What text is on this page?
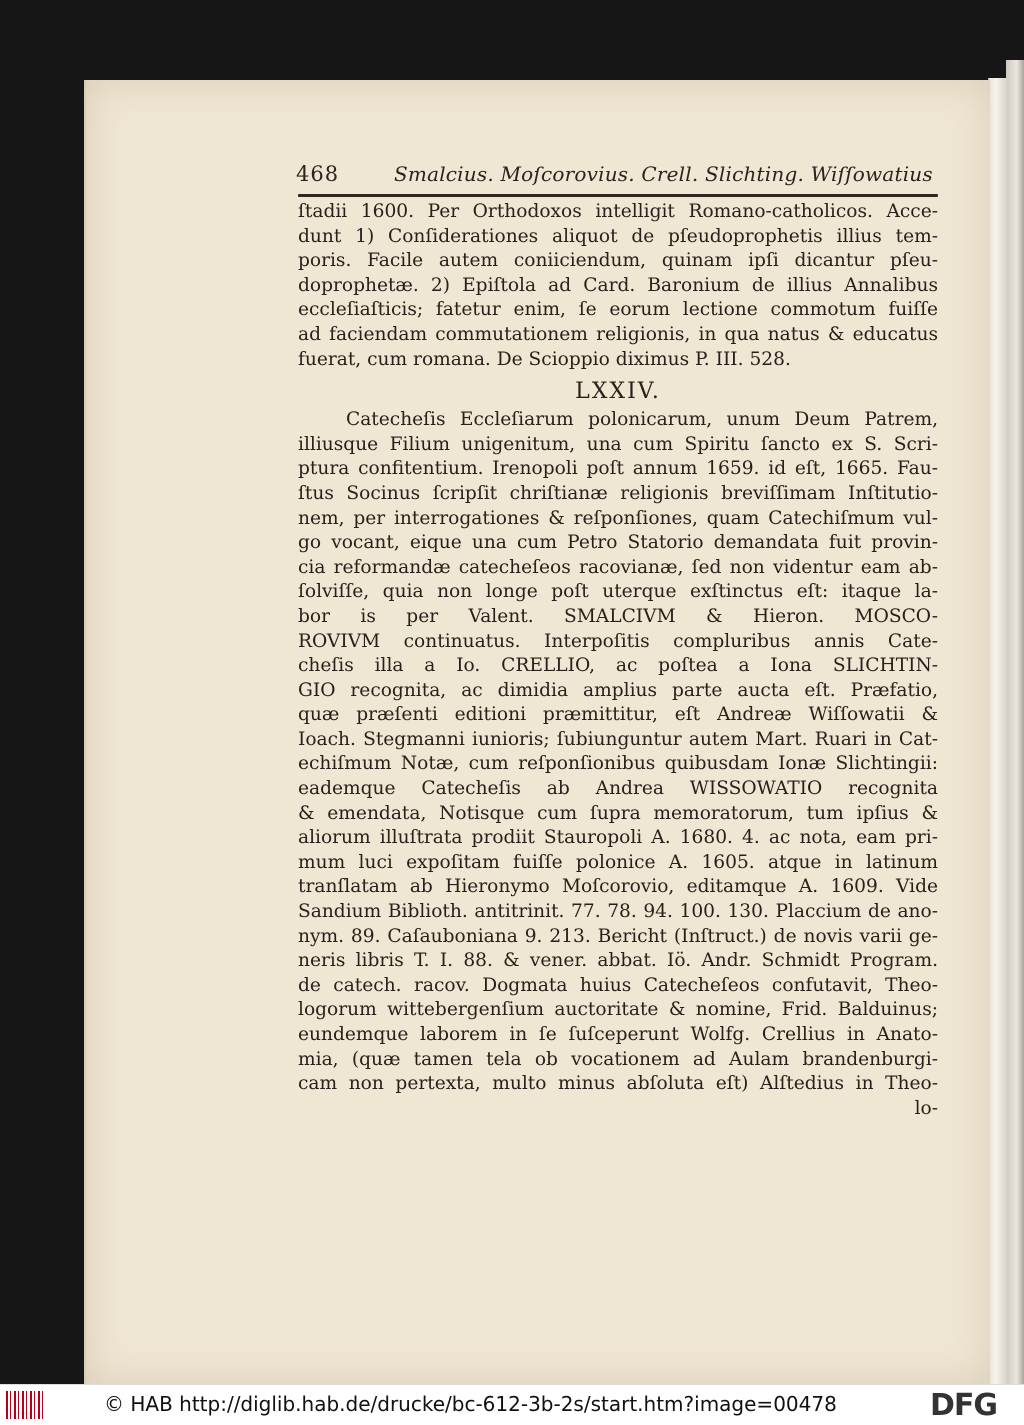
468	Smalcius. Moſcorovius. Crell. Slichting. Wiſſowatius
ſtadii 1600. Per Orthodoxos intelligit Romano-catholicos. Acce-
dunt 1) Conſiderationes aliquot de pſeudoprophetis illius tem-
poris. Facile autem coniiciendum, quinam ipſi dicantur pſeu-
doprophetæ. 2) Epiſtola ad Card. Baronium de illius Annalibus
eccleſiaſticis; fatetur enim, ſe eorum lectione commotum fuiſſe
ad faciendam commutationem religionis, in qua natus & educatus
fuerat, cum romana. De Scioppio diximus P. III. 528.
LXXIV.
Catecheſis Eccleſiarum polonicarum, unum Deum Patrem,
illiusque Filium unigenitum, una cum Spiritu ſancto ex S. Scri-
ptura confitentium. Irenopoli poſt annum 1659. id eſt, 1665. Fau-
ſtus Socinus ſcripſit chriſtianæ religionis breviſſimam Inſtitutio-
nem, per interrogationes & reſponſiones, quam Catechiſmum vul-
go vocant, eique una cum Petro Statorio demandata fuit provin-
cia reformandæ catecheſeos racovianæ, ſed non videntur eam ab-
ſolviſſe, quia non longe poſt uterque exſtinctus eſt: itaque la-
bor is per Valent. SMALCIVM & Hieron. MOSCO-
ROVIVM continuatus. Interpoſitis compluribus annis Cate-
cheſis illa a Io. CRELLIO, ac poſtea a Iona SLICHTIN-
GIO recognita, ac dimidia amplius parte aucta eſt. Præfatio,
quæ præſenti editioni præmittitur, eſt Andreæ Wiſſowatii &
Ioach. Stegmanni iunioris; ſubiunguntur autem Mart. Ruari in Cat-
echiſmum Notæ, cum reſponſionibus quibusdam Ionæ Slichtingii:
eademque Catecheſis ab Andrea WISSOWATIO recognita
& emendata, Notisque cum ſupra memoratorum, tum ipſius &
aliorum illuſtrata prodiit Stauropoli A. 1680. 4. ac nota, eam pri-
mum luci expoſitam fuiſſe polonice A. 1605. atque in latinum
tranſlatam ab Hieronymo Moſcorovio, editamque A. 1609. Vide
Sandium Biblioth. antitrinit. 77. 78. 94. 100. 130. Placcium de ano-
nym. 89. Caſauboniana 9. 213. Bericht (Inſtruct.) de novis varii ge-
neris libris T. I. 88. & vener. abbat. Iö. Andr. Schmidt Program.
de catech. racov. Dogmata huius Catecheſeos confutavit, Theo-
logorum wittebergenſium auctoritate & nomine, Frid. Balduinus;
eundemque laborem in ſe ſuſceperunt Wolfg. Crellius in Anato-
mia, (quæ tamen tela ob vocationem ad Aulam brandenburgi-
cam non pertexta, multo minus abſoluta eſt) Alſtedius in Theo-
lo-
© HAB http://diglib.hab.de/drucke/bc-612-3b-2s/start.htm?image=00478	DFG
